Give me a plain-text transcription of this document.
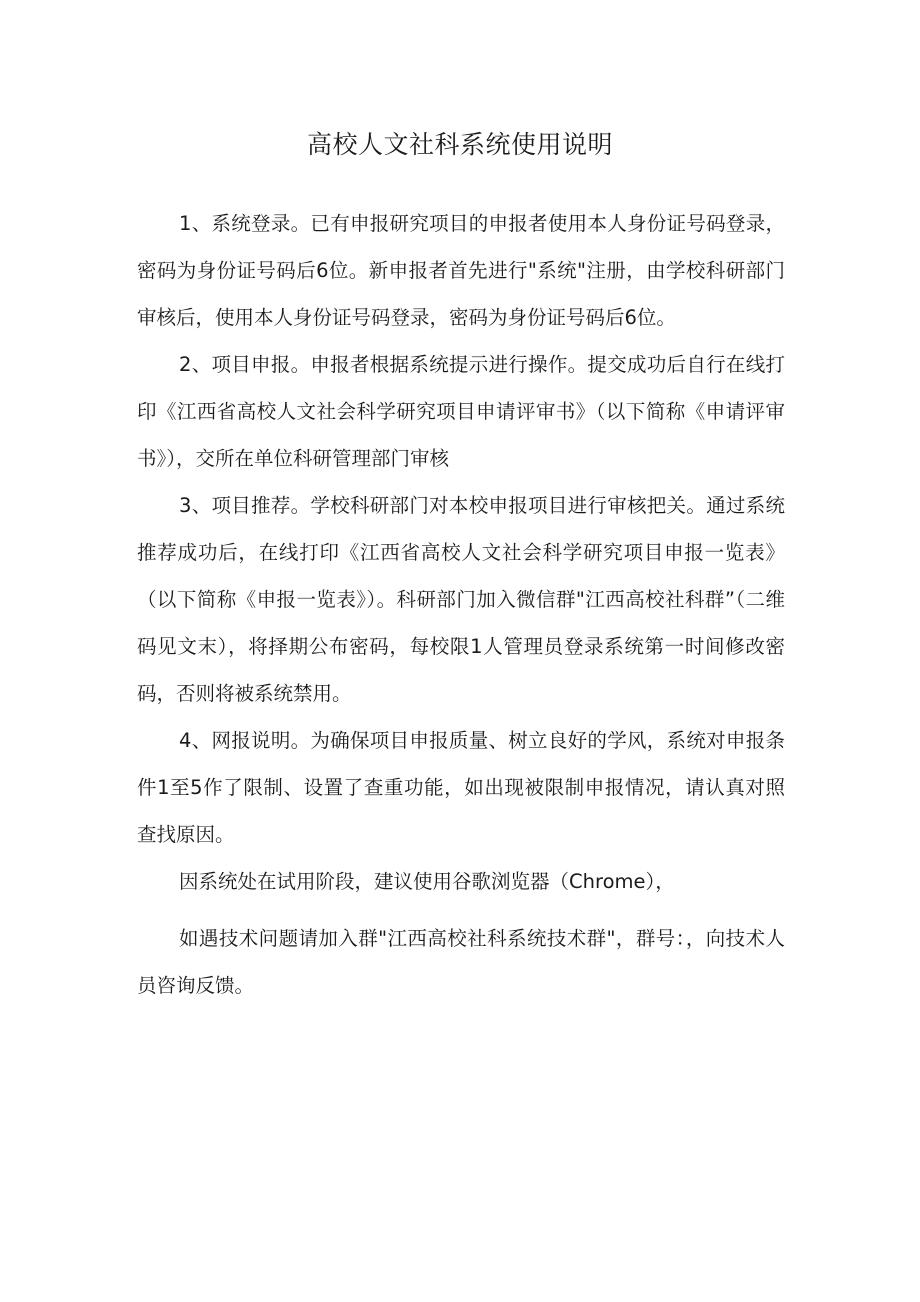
高校人文社科系统使用说明

1、系统登录。已有申报研究项目的申报者使用本人身份证号码登录，密码为身份证号码后6位。新申报者首先进行"系统"注册，由学校科研部门审核后，使用本人身份证号码登录，密码为身份证号码后6位。

2、项目申报。申报者根据系统提示进行操作。提交成功后自行在线打印《江西省高校人文社会科学研究项目申请评审书》（以下简称《申请评审书》），交所在单位科研管理部门审核

3、项目推荐。学校科研部门对本校申报项目进行审核把关。通过系统推荐成功后，在线打印《江西省高校人文社会科学研究项目申报一览表》（以下简称《申报一览表》）。科研部门加入微信群"江西高校社科群”（二维码见文末），将择期公布密码，每校限1人管理员登录系统第一时间修改密码，否则将被系统禁用。

4、网报说明。为确保项目申报质量、树立良好的学风，系统对申报条件1至5作了限制、设置了查重功能，如出现被限制申报情况，请认真对照查找原因。

因系统处在试用阶段，建议使用谷歌浏览器（Chrome），

如遇技术问题请加入群"江西高校社科系统技术群"，群号：，向技术人员咨询反馈。
